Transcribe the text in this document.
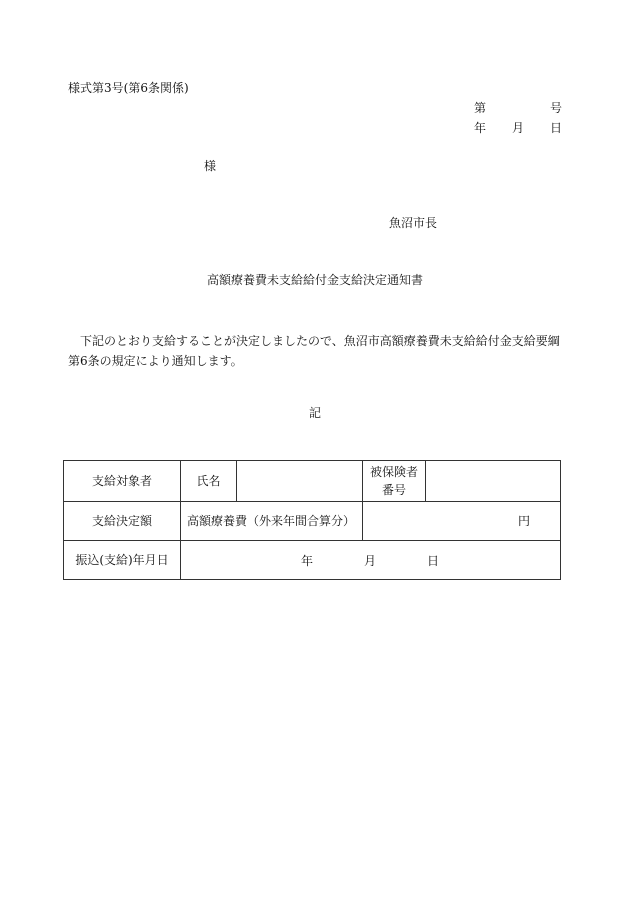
様式第3号(第6条関係)
第	号
年 月 日
様
魚沼市長
高額療養費未支給給付金支給決定通知書
下記のとおり支給することが決定しましたので、魚沼市高額療養費未支給給付金支給要綱第6条の規定により通知します。
記
支給対象者	氏名		被保険者
番号	
支給決定額	高額療養費（外来年間合算分）		円	
振込(支給)年月日	年 月 日			
